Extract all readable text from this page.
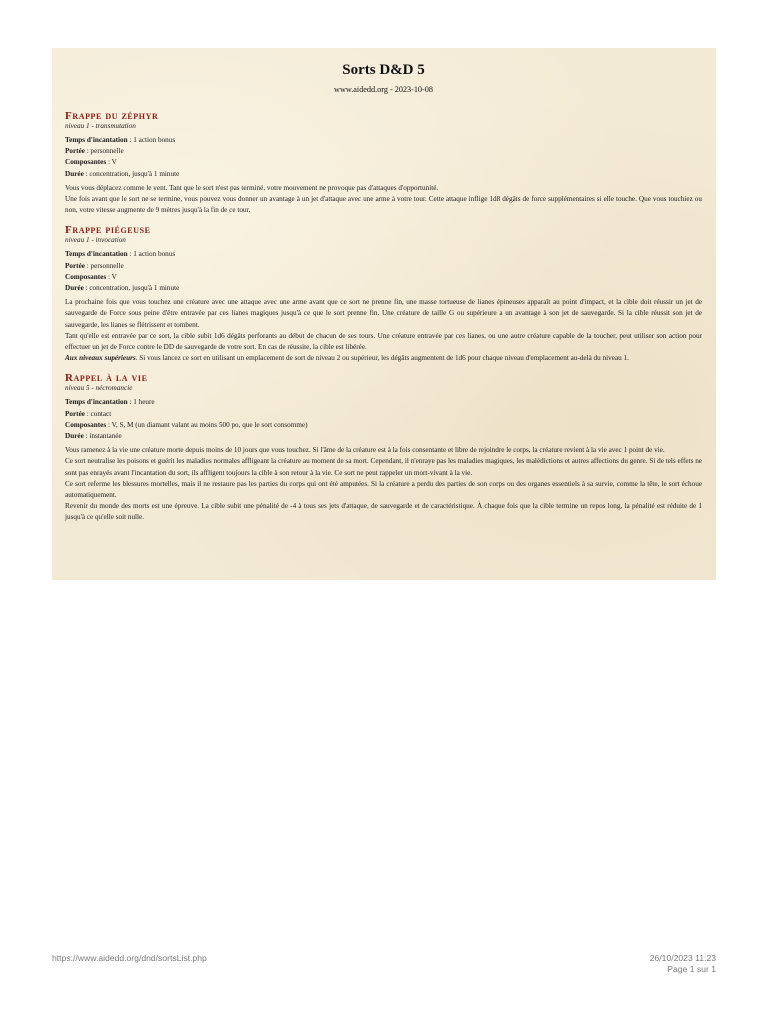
Sorts D&D 5
www.aidedd.org - 2023-10-08
Frappe du zéphyr
niveau 1 - transmutation
Temps d'incantation : 1 action bonus
Portée : personnelle
Composantes : V
Durée : concentration, jusqu'à 1 minute

Vous vous déplacez comme le vent. Tant que le sort n'est pas terminé, votre mouvement ne provoque pas d'attaques d'opportunité.

Une fois avant que le sort ne se termine, vous pouvez vous donner un avantage à un jet d'attaque avec une arme à votre tour. Cette attaque inflige 1d8 dégâts de force supplémentaires si elle touche. Que vous touchiez ou non, votre vitesse augmente de 9 mètres jusqu'à la fin de ce tour.

Frappe piégeuse
niveau 1 - invocation
Temps d'incantation : 1 action bonus
Portée : personnelle
Composantes : V
Durée : concentration, jusqu'à 1 minute

La prochaine fois que vous touchez une créature avec une attaque avec une arme avant que ce sort ne prenne fin, une masse tortueuse de lianes épineuses apparaît au point d'impact, et la cible doit réussir un jet de sauvegarde de Force sous peine d'être entravée par ces lianes magiques jusqu'à ce que le sort prenne fin. Une créature de taille G ou supérieure a un avantage à son jet de sauvegarde. Si la cible réussit son jet de sauvegarde, les lianes se flétrissent et tombent.

Tant qu'elle est entravée par ce sort, la cible subit 1d6 dégâts perforants au début de chacun de ses tours. Une créature entravée par ces lianes, ou une autre créature capable de la toucher, peut utiliser son action pour effectuer un jet de Force contre le DD de sauvegarde de votre sort. En cas de réussite, la cible est libérée.

Aux niveaux supérieurs. Si vous lancez ce sort en utilisant un emplacement de sort de niveau 2 ou supérieur, les dégâts augmentent de 1d6 pour chaque niveau d'emplacement au-delà du niveau 1.

Rappel à la vie
niveau 5 - nécromancie
Temps d'incantation : 1 heure
Portée : contact
Composantes : V, S, M (un diamant valant au moins 500 po, que le sort consomme)
Durée : instantanée

Vous ramenez à la vie une créature morte depuis moins de 10 jours que vous touchez. Si l'âme de la créature est à la fois consentante et libre de rejoindre le corps, la créature revient à la vie avec 1 point de vie.

Ce sort neutralise les poisons et guérit les maladies normales affligeant la créature au moment de sa mort. Cependant, il n'enraye pas les maladies magiques, les malédictions et autres affections du genre. Si de tels effets ne sont pas enrayés avant l'incantation du sort, ils affligent toujours la cible à son retour à la vie. Ce sort ne peut rappeler un mort-vivant à la vie.

Ce sort referme les blessures mortelles, mais il ne restaure pas les parties du corps qui ont été amputées. Si la créature a perdu des parties de son corps ou des organes essentiels à sa survie, comme la tête, le sort échoue automatiquement.

Revenir du monde des morts est une épreuve. La cible subit une pénalité de -4 à tous ses jets d'attaque, de sauvegarde et de caractéristique. À chaque fois que la cible termine un repos long, la pénalité est réduite de 1 jusqu'à ce qu'elle soit nulle.

https://www.aidedd.org/dnd/sortsList.php	26/10/2023 11:23
Page 1 sur 1
